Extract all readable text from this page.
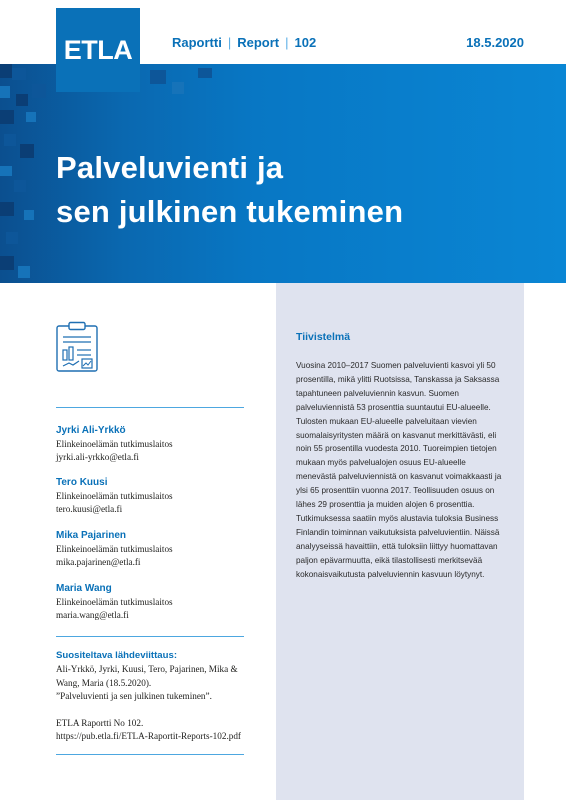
ETLA	Raportti | Report | 102	18.5.2020
Palveluvienti ja
sen julkinen tukeminen
Tiivistelmä
Vuosina 2010–2017 Suomen palveluvienti kasvoi yli 50 prosentilla, mikä ylitti Ruotsissa, Tanskassa ja Saksassa tapahtuneen palveluviennin kasvun. Suomen palveluviennistä 53 prosenttia suuntautui EU-alueelle. Tulosten mukaan EU-alueelle palveluitaan vievien suomalaisyritysten määrä on kasvanut merkittävästi, eli noin 55 prosentilla vuodesta 2010. Tuoreimpien tietojen mukaan myös palvelualojen osuus EU-alueelle menevästä palveluviennistä on kasvanut voimakkaasti ja ylsi 65 prosenttiin vuonna 2017. Teollisuuden osuus on lähes 29 prosenttia ja muiden alojen 6 prosenttia. Tutkimuksessa saatiin myös alustavia tuloksia Business Finlandin toiminnan vaikutuksista palveluvientiin. Näissä analyyseissä havaittiin, että tuloksiin liittyy huomattavan paljon epävarmuutta, eikä tilastollisesti merkitsevää kokonaisvaikutusta palveluviennin kasvuun löytynyt.
Jyrki Ali-Yrkkö
Elinkeinoelämän tutkimuslaitos
jyrki.ali-yrkko@etla.fi
Tero Kuusi
Elinkeinoelämän tutkimuslaitos
tero.kuusi@etla.fi
Mika Pajarinen
Elinkeinoelämän tutkimuslaitos
mika.pajarinen@etla.fi
Maria Wang
Elinkeinoelämän tutkimuslaitos
maria.wang@etla.fi
Suositeltava lähdeviittaus:
Ali-Yrkkö, Jyrki, Kuusi, Tero, Pajarinen, Mika &
Wang, Maria (18.5.2020).
”Palveluvienti ja sen julkinen tukeminen”.
ETLA Raportti No 102.
https://pub.etla.fi/ETLA-Raportit-Reports-102.pdf
